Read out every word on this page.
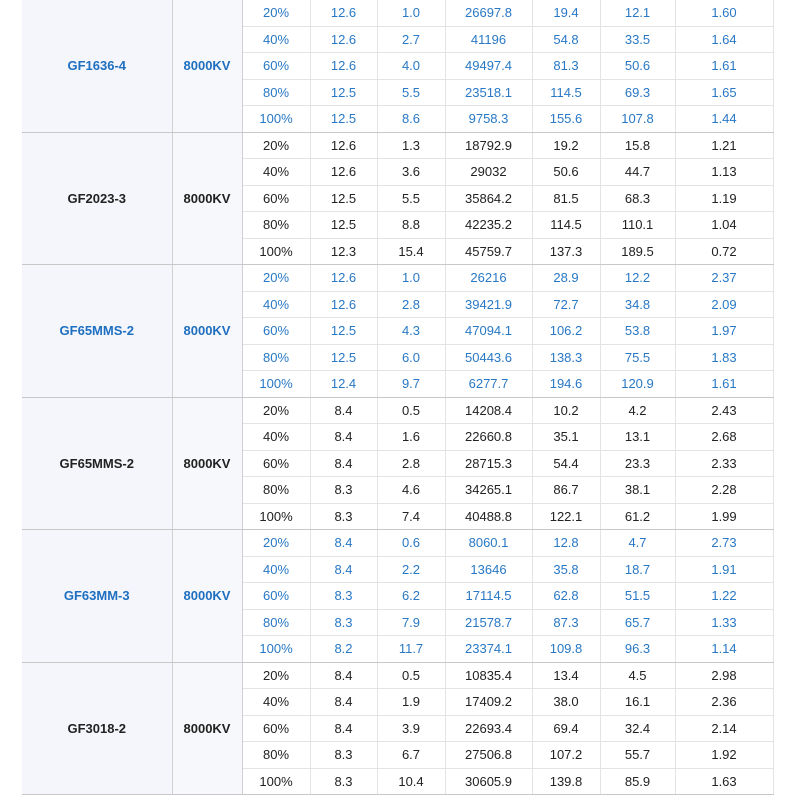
GF1636-4	8000KV	20%	12.6	1.0	26697.8	19.4	12.1	1.60
		40%	12.6	2.7	41196	54.8	33.5	1.64
		60%	12.6	4.0	49497.4	81.3	50.6	1.61
		80%	12.5	5.5	23518.1	114.5	69.3	1.65
		100%	12.5	8.6	9758.3	155.6	107.8	1.44
GF2023-3	8000KV	20%	12.6	1.3	18792.9	19.2	15.8	1.21
		40%	12.6	3.6	29032	50.6	44.7	1.13
		60%	12.5	5.5	35864.2	81.5	68.3	1.19
		80%	12.5	8.8	42235.2	114.5	110.1	1.04
		100%	12.3	15.4	45759.7	137.3	189.5	0.72
GF65MMS-2	8000KV	20%	12.6	1.0	26216	28.9	12.2	2.37
		40%	12.6	2.8	39421.9	72.7	34.8	2.09
		60%	12.5	4.3	47094.1	106.2	53.8	1.97
		80%	12.5	6.0	50443.6	138.3	75.5	1.83
		100%	12.4	9.7	6277.7	194.6	120.9	1.61
GF65MMS-2	8000KV	20%	8.4	0.5	14208.4	10.2	4.2	2.43
		40%	8.4	1.6	22660.8	35.1	13.1	2.68
		60%	8.4	2.8	28715.3	54.4	23.3	2.33
		80%	8.3	4.6	34265.1	86.7	38.1	2.28
		100%	8.3	7.4	40488.8	122.1	61.2	1.99
GF63MM-3	8000KV	20%	8.4	0.6	8060.1	12.8	4.7	2.73
		40%	8.4	2.2	13646	35.8	18.7	1.91
		60%	8.3	6.2	17114.5	62.8	51.5	1.22
		80%	8.3	7.9	21578.7	87.3	65.7	1.33
		100%	8.2	11.7	23374.1	109.8	96.3	1.14
GF3018-2	8000KV	20%	8.4	0.5	10835.4	13.4	4.5	2.98
		40%	8.4	1.9	17409.2	38.0	16.1	2.36
		60%	8.4	3.9	22693.4	69.4	32.4	2.14
		80%	8.3	6.7	27506.8	107.2	55.7	1.92
		100%	8.3	10.4	30605.9	139.8	85.9	1.63
